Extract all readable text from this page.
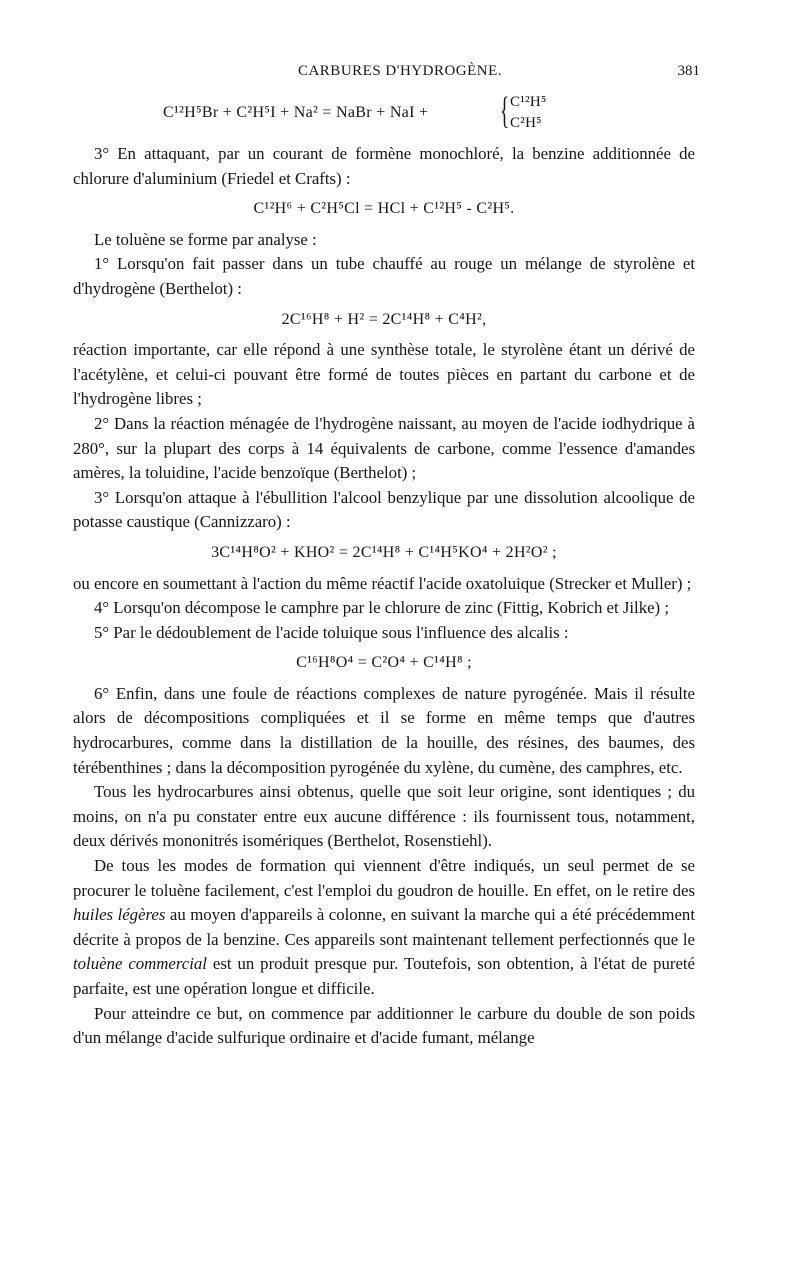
CARBURES D'HYDROGÈNE.	381
C¹²H⁵Br + C²H⁵I + Na² = NaBr + NaI + { C¹²H⁵
C²H⁵

3° En attaquant, par un courant de formène monochloré, la benzine additionnée de chlorure d'aluminium (Friedel et Crafts) :

C¹²H⁶ + C²H⁵Cl = HCl + C¹²H⁵ - C²H⁵.

Le toluène se forme par analyse :

1° Lorsqu'on fait passer dans un tube chauffé au rouge un mélange de styrolène et d'hydrogène (Berthelot) :

2C¹⁶H⁸ + H² = 2C¹⁴H⁸ + C⁴H²,

réaction importante, car elle répond à une synthèse totale, le styrolène étant un dérivé de l'acétylène, et celui-ci pouvant être formé de toutes pièces en partant du carbone et de l'hydrogène libres ;

2° Dans la réaction ménagée de l'hydrogène naissant, au moyen de l'acide iodhydrique à 280°, sur la plupart des corps à 14 équivalents de carbone, comme l'essence d'amandes amères, la toluidine, l'acide benzoïque (Berthelot) ;

3° Lorsqu'on attaque à l'ébullition l'alcool benzylique par une dissolution alcoolique de potasse caustique (Cannizzaro) :

3C¹⁴H⁸O² + KHO² = 2C¹⁴H⁸ + C¹⁴H⁵KO⁴ + 2H²O² ;

ou encore en soumettant à l'action du même réactif l'acide oxatoluique (Strecker et Muller) ;

4° Lorsqu'on décompose le camphre par le chlorure de zinc (Fittig, Kobrich et Jilke) ;

5° Par le dédoublement de l'acide toluique sous l'influence des alcalis :

C¹⁶H⁸O⁴ = C²O⁴ + C¹⁴H⁸ ;

6° Enfin, dans une foule de réactions complexes de nature pyrogénée. Mais il résulte alors de décompositions compliquées et il se forme en même temps que d'autres hydrocarbures, comme dans la distillation de la houille, des résines, des baumes, des térébenthines ; dans la décomposition pyrogénée du xylène, du cumène, des camphres, etc.

Tous les hydrocarbures ainsi obtenus, quelle que soit leur origine, sont identiques ; du moins, on n'a pu constater entre eux aucune différence : ils fournissent tous, notamment, deux dérivés mononitrés isomériques (Berthelot, Rosenstiehl).

De tous les modes de formation qui viennent d'être indiqués, un seul permet de se procurer le toluène facilement, c'est l'emploi du goudron de houille. En effet, on le retire des huiles légères au moyen d'appareils à colonne, en suivant la marche qui a été précédemment décrite à propos de la benzine. Ces appareils sont maintenant tellement perfectionnés que le toluène commercial est un produit presque pur. Toutefois, son obtention, à l'état de pureté parfaite, est une opération longue et difficile.

Pour atteindre ce but, on commence par additionner le carbure du double de son poids d'un mélange d'acide sulfurique ordinaire et d'acide fumant, mélange
